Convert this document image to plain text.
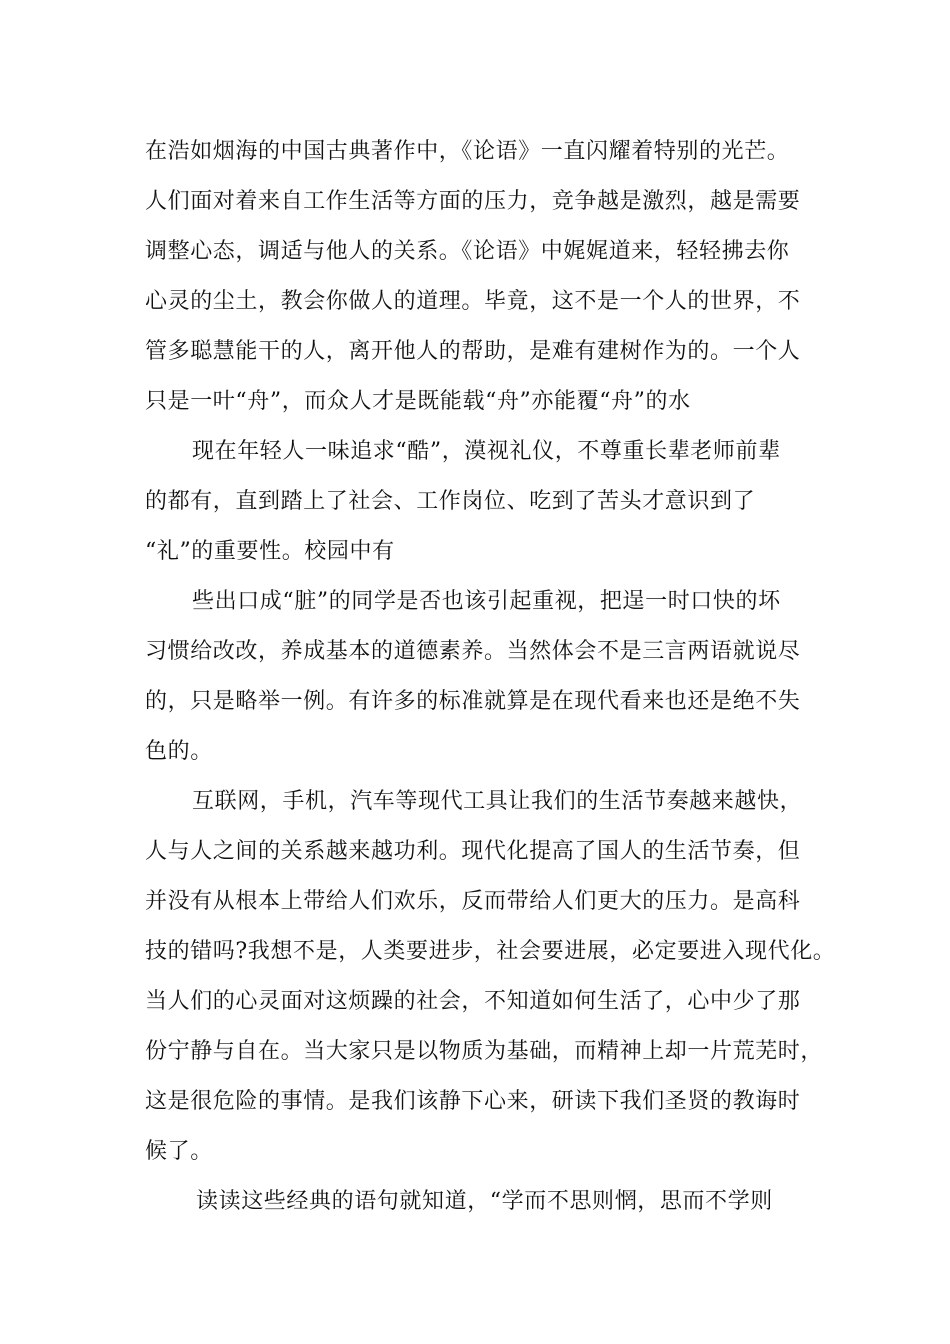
在浩如烟海的中国古典著作中，《论语》一直闪耀着特别的光芒。
人们面对着来自工作生活等方面的压力，竞争越是激烈，越是需要
调整心态，调适与他人的关系。《论语》中娓娓道来，轻轻拂去你
心灵的尘土，教会你做人的道理。毕竟，这不是一个人的世界，不
管多聪慧能干的人，离开他人的帮助，是难有建树作为的。一个人
只是一叶“舟”，而众人才是既能载“舟”亦能覆“舟”的水
现在年轻人一味追求“酷”，漠视礼仪，不尊重长辈老师前辈
的都有，直到踏上了社会、工作岗位、吃到了苦头才意识到了
“礼”的重要性。校园中有
些出口成“脏”的同学是否也该引起重视，把逞一时口快的坏
习惯给改改，养成基本的道德素养。当然体会不是三言两语就说尽
的，只是略举一例。有许多的标准就算是在现代看来也还是绝不失
色的。
互联网，手机，汽车等现代工具让我们的生活节奏越来越快，
人与人之间的关系越来越功利。现代化提高了国人的生活节奏，但
并没有从根本上带给人们欢乐，反而带给人们更大的压力。是高科
技的错吗?我想不是，人类要进步，社会要进展，必定要进入现代化。
当人们的心灵面对这烦躁的社会，不知道如何生活了，心中少了那
份宁静与自在。当大家只是以物质为基础，而精神上却一片荒芜时，
这是很危险的事情。是我们该静下心来，研读下我们圣贤的教诲时
候了。
读读这些经典的语句就知道，“学而不思则惘，思而不学则
